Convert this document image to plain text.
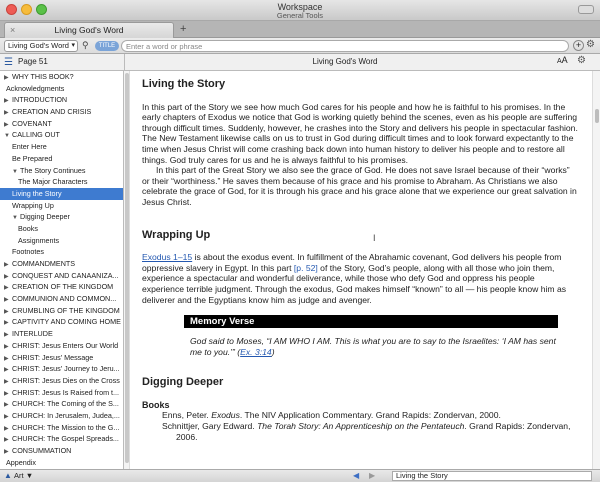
Workspace
General Tools
×	Living God's Word	+
Living God's Word ▾ ⚲	TITLE
Enter a word or phrase	+ ⚙
☰ Page 51	Living God's Word	AA ⚙
▶ WHY THIS BOOK?
Acknowledgments
▶ INTRODUCTION
▶ CREATION AND CRISIS
▶ COVENANT
▼ CALLING OUT
Enter Here
Be Prepared
▼ The Story Continues
The Major Characters
Living the Story
Wrapping Up
▼ Digging Deeper
Books
Assignments
Footnotes
▶ COMMANDMENTS
▶ CONQUEST AND CANAANIZA...
▶ CREATION OF THE KINGDOM
▶ COMMUNION AND COMMON...
▶ CRUMBLING OF THE KINGDOM
▶ CAPTIVITY AND COMING HOME
▶ INTERLUDE
▶ CHRIST: Jesus Enters Our World
▶ CHRIST: Jesus' Message
▶ CHRIST: Jesus' Journey to Jeru...
▶ CHRIST: Jesus Dies on the Cross
▶ CHRIST: Jesus Is Raised from t...
▶ CHURCH: The Coming of the S...
▶ CHURCH: In Jerusalem, Judea,...
▶ CHURCH: The Mission to the G...
▶ CHURCH: The Gospel Spreads...
▶ CONSUMMATION
Appendix
Living the Story

In this part of the Story we see how much God cares for his people and how he is faithful to his promises. In the early chapters of Exodus we notice that God is working quietly behind the scenes, even as his people are suffering through difficult times. Suddenly, however, he crashes into the Story and delivers his people in spectacular fashion. The New Testament likewise calls on us to trust in God during difficult times and to look forward expectantly to the time when Jesus Christ will come crashing back down into human history to deliver his people and to restore all things. God truly cares for us and he is always faithful to his promises.

In this part of the Great Story we also see the grace of God. He does not save Israel because of their “works” or their “worthiness.” He saves them because of his grace and his promise to Abraham. As Christians we also celebrate the grace of God, for it is through his grace and his grace alone that we experience our great salvation in Jesus Christ.

Wrapping Up

Exodus 1–15 is about the exodus event. In fulfillment of the Abrahamic covenant, God delivers his people from oppressive slavery in Egypt. In this part [p. 52] of the Story, God’s people, along with all those who join them, experience a spectacular and wonderful deliverance, while those who defy God and oppress his people experience terrible judgment. Through the exodus, God makes himself “known” to all — his people know him as deliverer and the Egyptians know him as judge and avenger.

Memory Verse

God said to Moses, “I AM WHO I AM. This is what you are to say to the Israelites: ‘I AM has sent me to you.’” (Ex. 3:14)

Digging Deeper
Books

Enns, Peter. Exodus. The NIV Application Commentary. Grand Rapids: Zondervan, 2000.

Schnittjer, Gary Edward. The Torah Story: An Apprenticeship on the Pentateuch. Grand Rapids: Zondervan, 2006.

I
▲ Art ▼	◀ ▶	Living the Story
